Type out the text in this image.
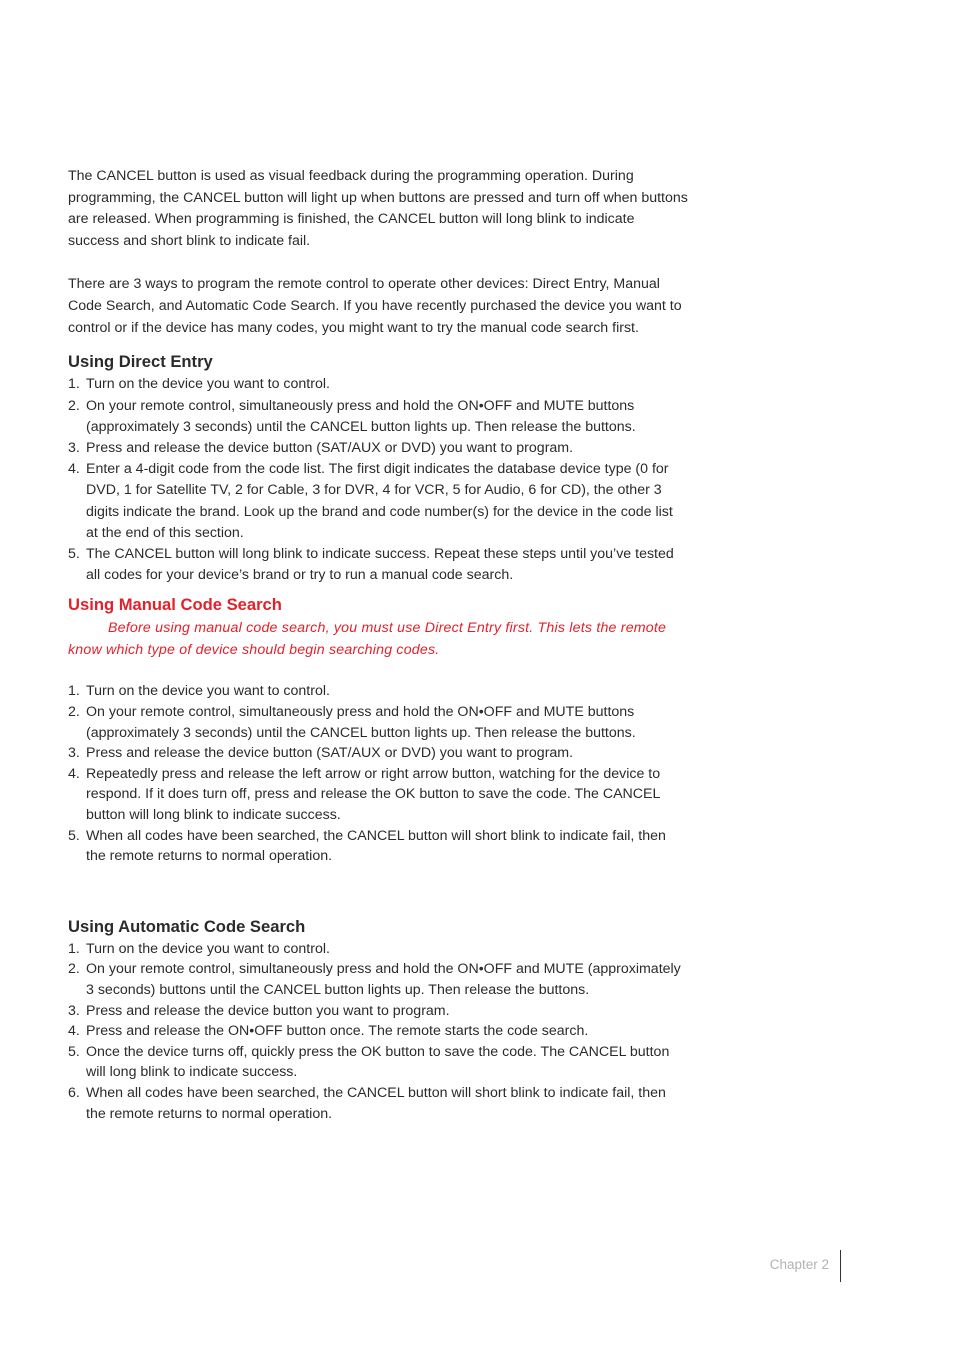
The CANCEL button is used as visual feedback during the programming operation. During programming, the CANCEL button will light up when buttons are pressed and turn off when buttons are released. When programming is finished, the CANCEL button will long blink to indicate success and short blink to indicate fail.

There are 3 ways to program the remote control to operate other devices: Direct Entry, Manual Code Search, and Automatic Code Search. If you have recently purchased the device you want to control or if the device has many codes, you might want to try the manual code search first.

Using Direct Entry
1. Turn on the device you want to control.
2. On your remote control, simultaneously press and hold the ON•OFF and MUTE buttons (approximately 3 seconds) until the CANCEL button lights up. Then release the buttons.
3. Press and release the device button (SAT/AUX or DVD) you want to program.
4. Enter a 4-digit code from the code list. The first digit indicates the database device type (0 for DVD, 1 for Satellite TV, 2 for Cable, 3 for DVR, 4 for VCR, 5 for Audio, 6 for CD), the other 3 digits indicate the brand. Look up the brand and code number(s) for the device in the code list at the end of this section.
5. The CANCEL button will long blink to indicate success. Repeat these steps until you’ve tested all codes for your device’s brand or try to run a manual code search.
Using Manual Code Search

Before using manual code search, you must use Direct Entry first. This lets the remote know which type of device should begin searching codes.

1. Turn on the device you want to control.
2. On your remote control, simultaneously press and hold the ON•OFF and MUTE buttons (approximately 3 seconds) until the CANCEL button lights up. Then release the buttons.
3. Press and release the device button (SAT/AUX or DVD) you want to program.
4. Repeatedly press and release the left arrow or right arrow button, watching for the device to respond. If it does turn off, press and release the OK button to save the code. The CANCEL button will long blink to indicate success.
5. When all codes have been searched, the CANCEL button will short blink to indicate fail, then the remote returns to normal operation.
Using Automatic Code Search
1. Turn on the device you want to control.
2. On your remote control, simultaneously press and hold the ON•OFF and MUTE (approximately 3 seconds) buttons until the CANCEL button lights up. Then release the buttons.
3. Press and release the device button you want to program.
4. Press and release the ON•OFF button once. The remote starts the code search.
5. Once the device turns off, quickly press the OK button to save the code. The CANCEL button will long blink to indicate success.
6. When all codes have been searched, the CANCEL button will short blink to indicate fail, then the remote returns to normal operation.
Chapter 2
